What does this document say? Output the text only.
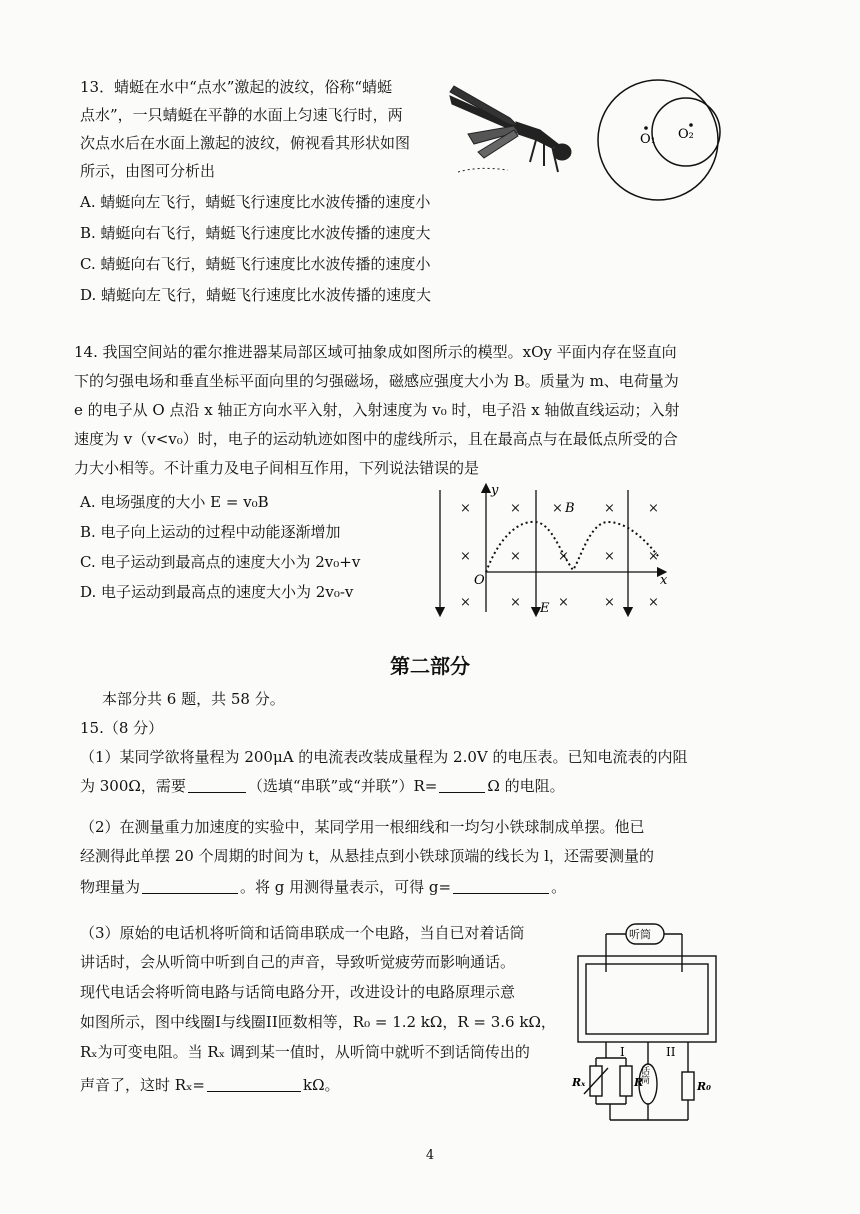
13．蜻蜓在水中“点水”激起的波纹，俗称“蜻蜓
点水”，一只蜻蜓在平静的水面上匀速飞行时，两
次点水后在水面上激起的波纹，俯视看其形状如图
所示，由图可分析出
A. 蜻蜓向左飞行，蜻蜓飞行速度比水波传播的速度小
B. 蜻蜓向右飞行，蜻蜓飞行速度比水波传播的速度大
C. 蜻蜓向右飞行，蜻蜓飞行速度比水波传播的速度小
D. 蜻蜓向左飞行，蜻蜓飞行速度比水波传播的速度大
O₁ O₂
14. 我国空间站的霍尔推进器某局部区域可抽象成如图所示的模型。xOy 平面内存在竖直向
下的匀强电场和垂直坐标平面向里的匀强磁场，磁感应强度大小为 B。质量为 m、电荷量为
e 的电子从 O 点沿 x 轴正方向水平入射，入射速度为 v₀ 时，电子沿 x 轴做直线运动；入射
速度为 v（v<v₀）时，电子的运动轨迹如图中的虚线所示，且在最高点与在最低点所受的合
力大小相等。不计重力及电子间相互作用，下列说法错误的是
A. 电场强度的大小 E = v₀B
B. 电子向上运动的过程中动能逐渐增加
C. 电子运动到最高点的速度大小为 2v₀+v
D. 电子运动到最高点的速度大小为 2v₀-v
y
x
O
×	× ×	×	×
×	×	×	×	×
×	×	×	×	×
B
E
第二部分
本部分共 6 题，共 58 分。
15.（8 分）
（1）某同学欲将量程为 200μA 的电流表改装成量程为 2.0V 的电压表。已知电流表的内阻
为 300Ω，需要	（选填“串联”或“并联”）R=	Ω 的电阻。
（2）在测量重力加速度的实验中，某同学用一根细线和一均匀小铁球制成单摆。他已
经测得此单摆 20 个周期的时间为 t，从悬挂点到小铁球顶端的线长为 l，还需要测量的
物理量为	。将 g 用测得量表示，可得 g=	。
（3）原始的电话机将听筒和话筒串联成一个电路，当自已对着话筒
讲话时，会从听筒中听到自己的声音，导致听觉疲劳而影响通话。
现代电话会将听筒电路与话筒电路分开，改进设计的电路原理示意
如图所示，图中线圈I与线圈II匝数相等，R₀ = 1.2 kΩ，R = 3.6 kΩ，
Rₓ为可变电阻。当 Rₓ 调到某一值时，从听筒中就听不到话筒传出的
声音了，这时 Rₓ=	kΩ。
听筒
话筒
I	II
Rₓ	R	R₀
4
